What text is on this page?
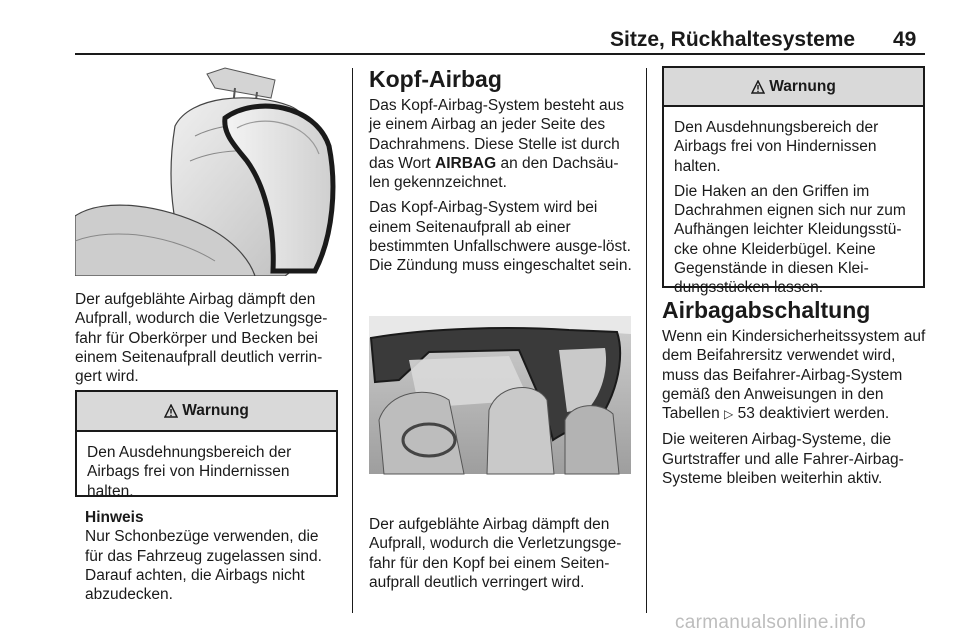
Sitze, Rückhaltesysteme 49

Der aufgeblähte Airbag dämpft den Aufprall, wodurch die Verletzungsge-fahr für Oberkörper und Becken bei einem Seitenaufprall deutlich verrin-gert wird.

Warnung

Den Ausdehnungsbereich der Airbags frei von Hindernissen halten.

Hinweis
Nur Schonbezüge verwenden, die für das Fahrzeug zugelassen sind. Darauf achten, die Airbags nicht abzudecken.
Kopf-Airbag

Das Kopf-Airbag-System besteht aus je einem Airbag an jeder Seite des Dachrahmens. Diese Stelle ist durch das Wort AIRBAG an den Dachsäu-len gekennzeichnet.

Das Kopf-Airbag-System wird bei einem Seitenaufprall ab einer bestimmten Unfallschwere ausge-löst. Die Zündung muss eingeschaltet sein.

Der aufgeblähte Airbag dämpft den Aufprall, wodurch die Verletzungsge-fahr für den Kopf bei einem Seiten-aufprall deutlich verringert wird.

Warnung

Den Ausdehnungsbereich der Airbags frei von Hindernissen halten.

Die Haken an den Griffen im Dachrahmen eignen sich nur zum Aufhängen leichter Kleidungsstü-cke ohne Kleiderbügel. Keine Gegenstände in diesen Klei-dungsstücken lassen.

Airbagabschaltung

Wenn ein Kindersicherheitssystem auf dem Beifahrersitz verwendet wird, muss das Beifahrer-Airbag-System gemäß den Anweisungen in den Tabellen ▷ 53 deaktiviert werden.

Die weiteren Airbag-Systeme, die Gurtstraffer und alle Fahrer-Airbag-Systeme bleiben weiterhin aktiv.

carmanualsonline.info
